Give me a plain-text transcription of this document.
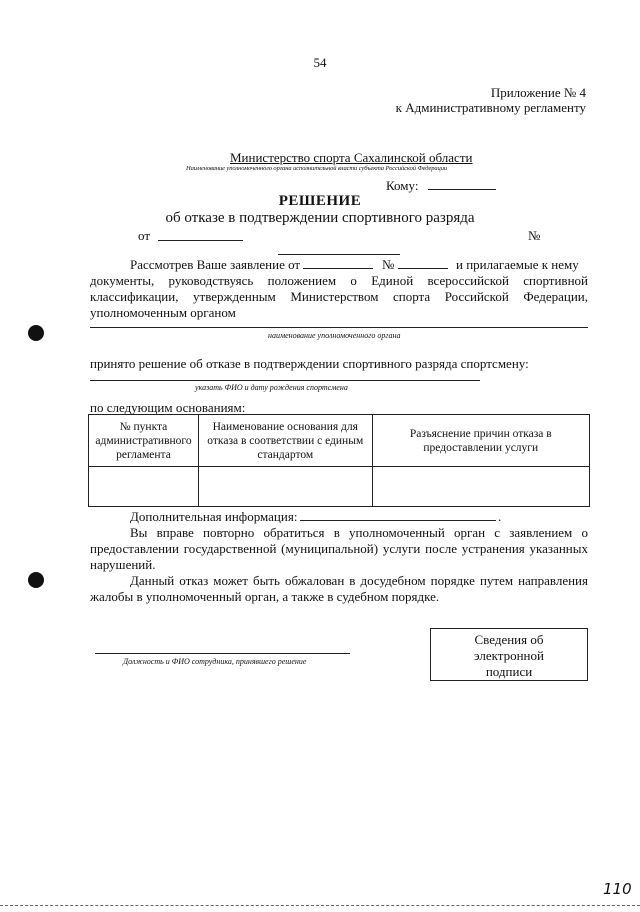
54
Приложение № 4
к Административному регламенту
Министерство спорта Сахалинской области
Наименование уполномоченного органа исполнительной власти субъекта Российской Федерации
Кому:
РЕШЕНИЕ
об отказе в подтверждении спортивного разряда
от	№
Рассмотрев Ваше заявление от	№	и прилагаемые к нему
документы, руководствуясь положением о Единой всероссийской спортивной
классификации, утвержденным Министерством спорта Российской Федерации,
уполномоченным органом
наименование уполномоченного органа
принято решение об отказе в подтверждении спортивного разряда спортсмену:
указать ФИО и дату рождения спортсмена
по следующим основаниям:
№ пункта административного регламента	Наименование основания для отказа в соответствии с единым стандартом	Разъяснение причин отказа в предоставлении услуги

Дополнительная информация:	.
Вы вправе повторно обратиться в уполномоченный орган с заявлением о
предоставлении государственной (муниципальной) услуги после устранения указанных
нарушений.
Данный отказ может быть обжалован в досудебном порядке путем направления
жалобы в уполномоченный орган, а также в судебном порядке.
Должность и ФИО сотрудника, принявшего решение
Сведения об
электронной
подписи
110
